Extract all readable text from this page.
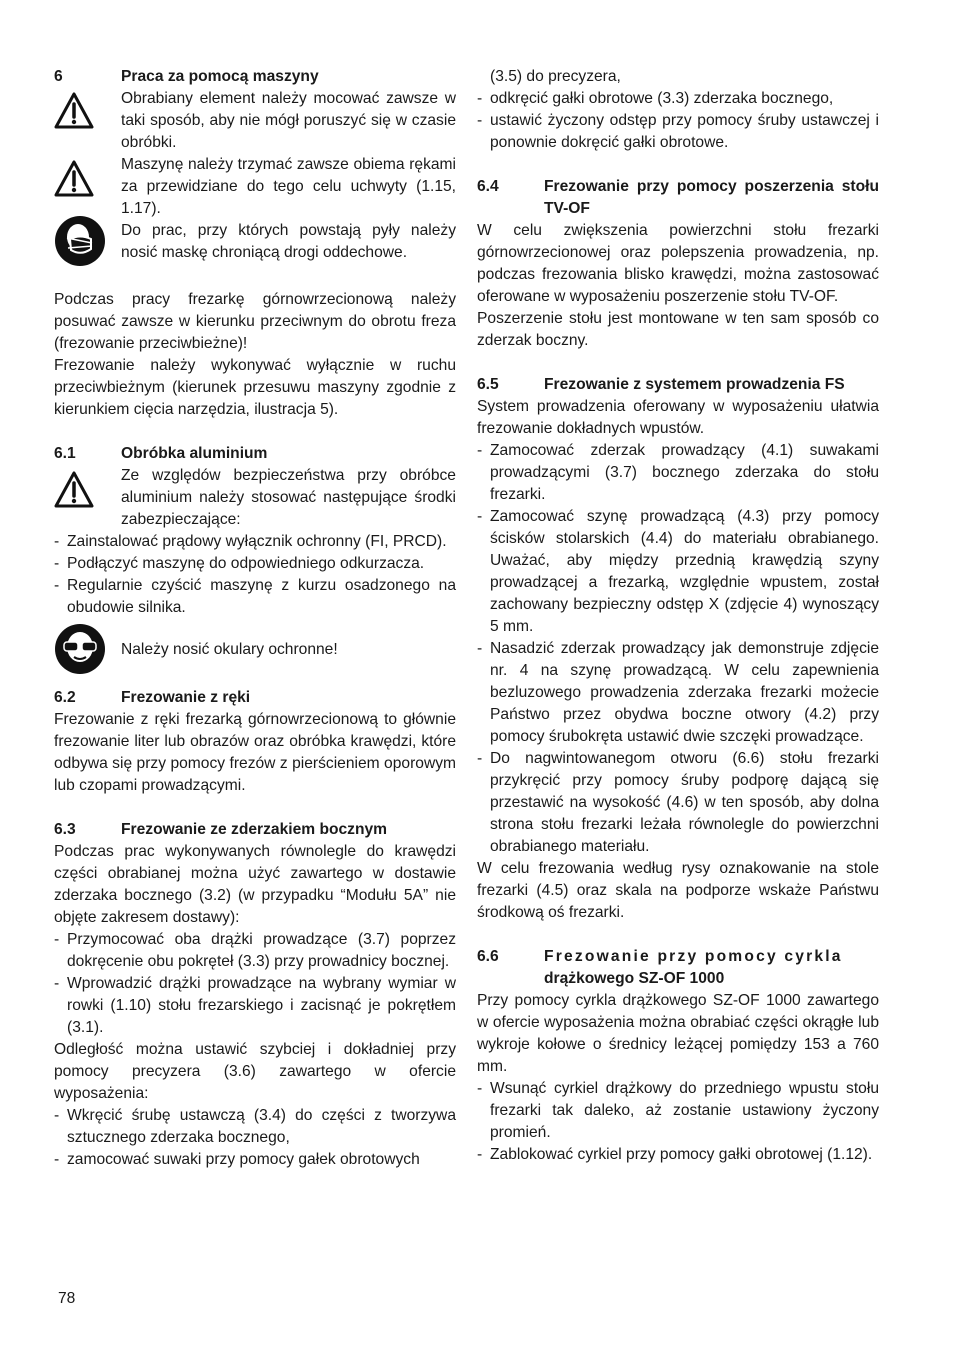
6	Praca za pomocą maszyny

Obrabiany element należy mocować zawsze w taki sposób, aby nie mógł poruszyć się w czasie obróbki.

Maszynę należy trzymać zawsze obiema rękami za przewidziane do tego celu uchwyty (1.15, 1.17).

Do prac, przy których powstają pyły należy nosić maskę chroniącą drogi oddechowe.

Podczas pracy frezarkę górnowrzecionową należy posuwać zawsze w kierunku przeciwnym do obrotu freza (frezowanie przeciwbieżne)!

Frezowanie należy wykonywać wyłącznie w ruchu przeciwbieżnym (kierunek przesuwu maszyny zgodnie z kierunkiem cięcia narzędzia, ilustracja 5).

6.1	Obróbka aluminium

Ze względów bezpieczeństwa przy obróbce aluminium należy stosować następujące środki zabezpieczające:

- Zainstalować prądowy wyłącznik ochronny (FI, PRCD).
- Podłączyć maszynę do odpowiedniego odkurzacza.
- Regularnie czyścić maszynę z kurzu osadzonego na obudowie silnika.

Należy nosić okulary ochronne!

6.2	Frezowanie z ręki

Frezowanie z ręki frezarką górnowrzecionową to głównie frezowanie liter lub obrazów oraz obróbka krawędzi, które odbywa się przy pomocy frezów z pierścieniem oporowym lub czopami prowadzącymi.

6.3	Frezowanie ze zderzakiem bocznym

Podczas prac wykonywanych równolegle do krawędzi części obrabianej można użyć zawartego w dostawie zderzaka bocznego (3.2) (w przypadku “Modułu 5A” nie objęte zakresem dostawy):

- Przymocować oba drążki prowadzące (3.7) poprzez dokręcenie obu pokręteł (3.3) przy prowadnicy bocznej.
- Wprowadzić drążki prowadzące na wybrany wymiar w rowki (1.10) stołu frezarskiego i zacisnąć je pokrętłem (3.1).

Odległość można ustawić szybciej i dokładniej przy pomocy precyzera (3.6) zawartego w ofercie wyposażenia:

- Wkręcić śrubę ustawczą (3.4) do części z tworzywa sztucznego zderzaka bocznego,
- zamocować suwaki przy pomocy gałek obrotowych

(3.5) do precyzera,

- odkręcić gałki obrotowe (3.3) zderzaka bocznego,
- ustawić życzony odstęp przy pomocy śruby ustawczej i ponownie dokręcić gałki obrotowe.
6.4	Frezowanie przy pomocy poszerzenia stołu TV-OF

W celu zwiększenia powierzchni stołu frezarki górnowrzecionowej oraz polepszenia prowadzenia, np. podczas frezowania blisko krawędzi, można zastosować oferowane w wyposażeniu poszerzenie stołu TV-OF.

Poszerzenie stołu jest montowane w ten sam sposób co zderzak boczny.

6.5	Frezowanie z systemem prowadzenia FS

System prowadzenia oferowany w wyposażeniu ułatwia frezowanie dokładnych wpustów.

- Zamocować zderzak prowadzący (4.1) suwakami prowadzącymi (3.7) bocznego zderzaka do stołu frezarki.
- Zamocować szynę prowadzącą (4.3) przy pomocy ścisków stolarskich (4.4) do materiału obrabianego. Uważać, aby między przednią krawędzią szyny prowadzącej a frezarką, względnie wpustem, został zachowany bezpieczny odstęp X (zdjęcie 4) wynoszący 5 mm.
- Nasadzić zderzak prowadzący jak demonstruje zdjęcie nr. 4 na szynę prowadzącą. W celu zapewnienia bezluzowego prowadzenia zderzaka frezarki możecie Państwo przez obydwa boczne otwory (4.2) przy pomocy śrubokręta ustawić dwie szczęki prowadzące.
- Do nagwintowanegom otworu (6.6) stołu frezarki przykręcić przy pomocy śruby podporę dającą się przestawić na wysokość (4.6) w ten sposób, aby dolna strona stołu frezarki leżała równolegle do powierzchni obrabianego materiału.

W celu frezowania według rysy oznakowanie na stole frezarki (4.5) oraz skala na podporze wskaże Państwu środkową oś frezarki.

6.6	Frezowanie przy pomocy cyrkla
drążkowego SZ-OF 1000

Przy pomocy cyrkla drążkowego SZ-OF 1000 zawartego w ofercie wyposażenia można obrabiać części okrągłe lub wykroje kołowe o średnicy leżącej pomiędzy 153 a 760 mm.

- Wsunąć cyrkiel drążkowy do przedniego wpustu stołu frezarki tak daleko, aż zostanie ustawiony życzony promień.
- Zablokować cyrkiel przy pomocy gałki obrotowej (1.12).
78
